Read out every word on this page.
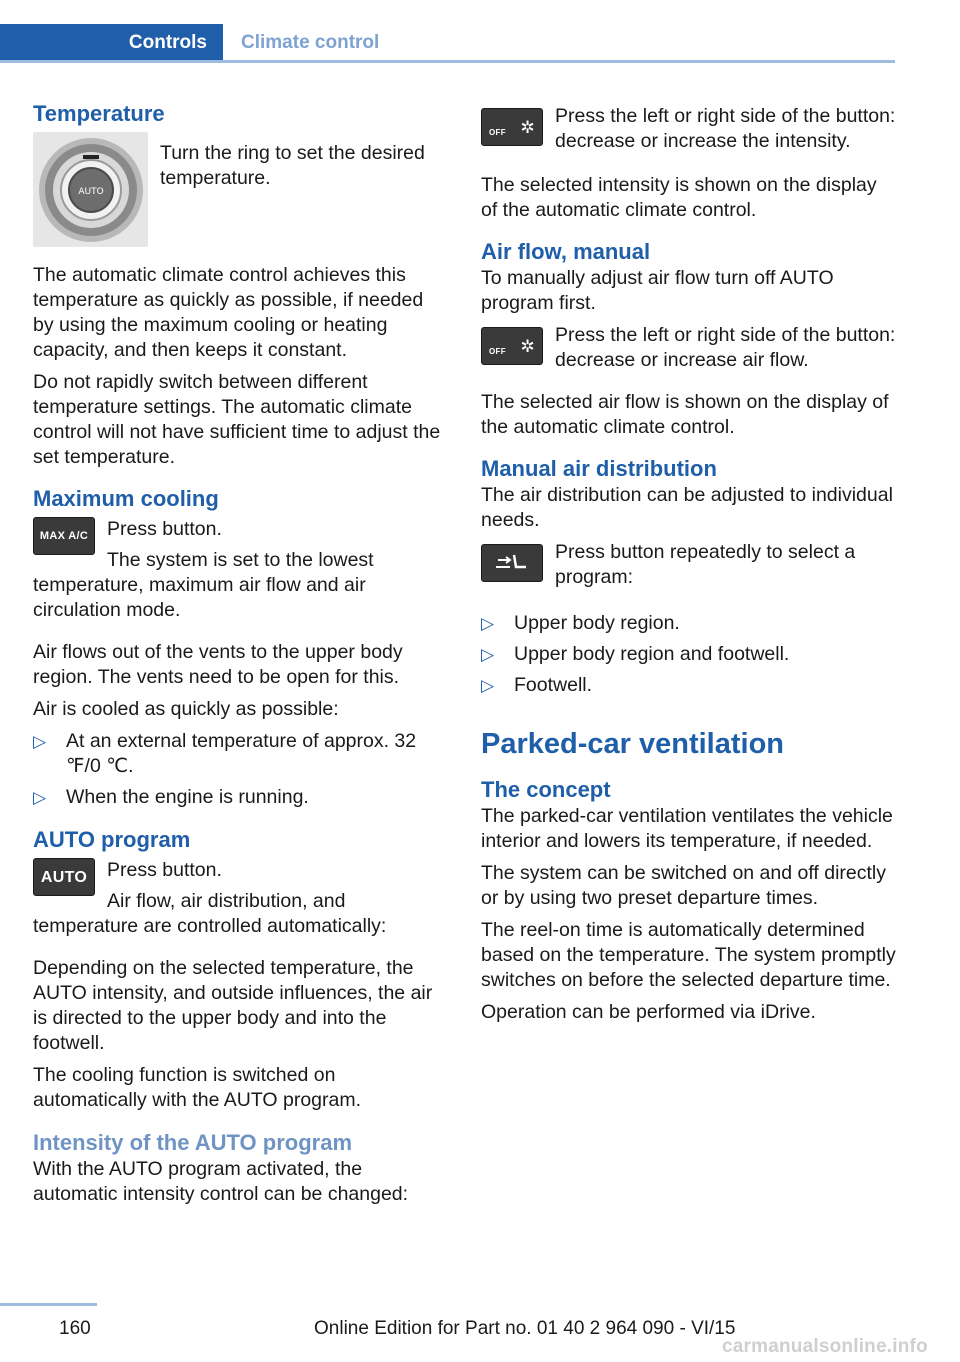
Controls	Climate control
Temperature
AUTO

Turn the ring to set the desired temperature.

The automatic climate control achieves this temperature as quickly as possible, if needed by using the maximum cooling or heating capacity, and then keeps it constant.

Do not rapidly switch between different temperature settings. The automatic climate control will not have sufficient time to adjust the set temperature.

Maximum cooling
MAX A/C Press button.

The system is set to the lowest temperature, maximum air flow and air circulation mode.

Air flows out of the vents to the upper body region. The vents need to be open for this.

Air is cooled as quickly as possible:

▷ At an external temperature of approx. 32 ℉/0 ℃.
▷ When the engine is running.
AUTO program
AUTO	Press button.

Air flow, air distribution, and temperature are controlled automatically:

Depending on the selected temperature, the AUTO intensity, and outside influences, the air is directed to the upper body and into the footwell.

The cooling function is switched on automatically with the AUTO program.

Intensity of the AUTO program

With the AUTO program activated, the automatic intensity control can be changed:

OFF ✲	Press the left or right side of the button: decrease or increase the intensity.

The selected intensity is shown on the display of the automatic climate control.

Air flow, manual

To manually adjust air flow turn off AUTO program first.

OFF ✲	Press the left or right side of the button: decrease or increase air flow.

The selected air flow is shown on the display of the automatic climate control.

Manual air distribution

The air distribution can be adjusted to individual needs.

Press button repeatedly to select a program:

▷ Upper body region.
▷ Upper body region and footwell.
▷ Footwell.
Parked-car ventilation
The concept

The parked-car ventilation ventilates the vehicle interior and lowers its temperature, if needed.

The system can be switched on and off directly or by using two preset departure times.

The reel-on time is automatically determined based on the temperature. The system promptly switches on before the selected departure time.

Operation can be performed via iDrive.

160	Online Edition for Part no. 01 40 2 964 090 - VI/15
carmanualsonline.info
